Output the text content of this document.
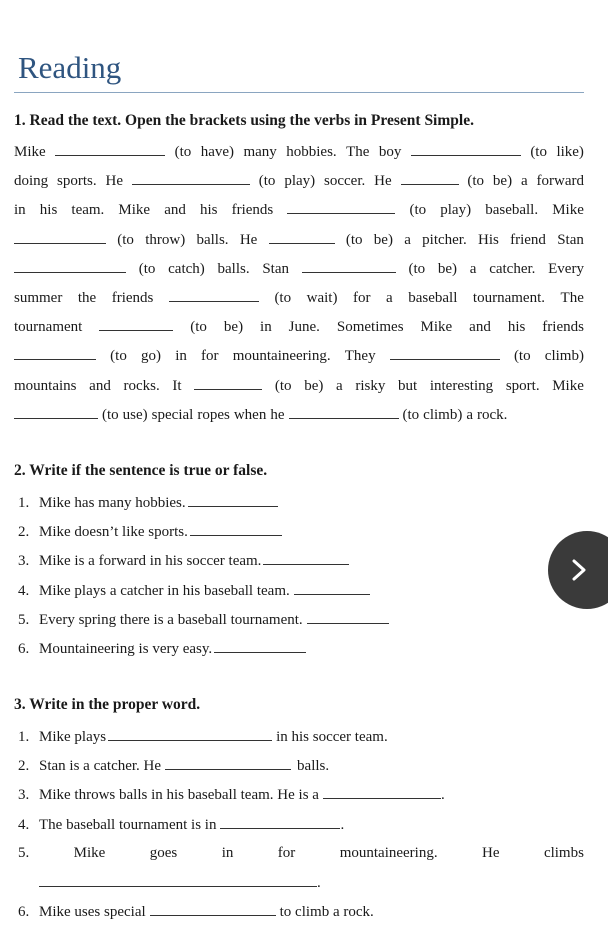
Reading
1. Read the text. Open the brackets using the verbs in Present Simple.
Mike	(to have) many hobbies. The boy	(to like)
doing sports. He	(to play) soccer. He	(to be) a forward
in his team. Mike and his friends	(to play) baseball. Mike
(to throw) balls. He	(to be) a pitcher. His friend Stan
(to catch) balls. Stan	(to be) a catcher. Every
summer the friends	(to wait) for a baseball tournament. The
tournament	(to be) in June. Sometimes Mike and his friends
(to go) in for mountaineering. They	(to climb)
mountains and rocks. It	(to be) a risky but interesting sport. Mike
(to use) special ropes when he	(to climb) a rock.
2. Write if the sentence is true or false.
1. Mike has many hobbies.
2. Mike doesn’t like sports.
3. Mike is a forward in his soccer team.
4. Mike plays a catcher in his baseball team.
5. Every spring there is a baseball tournament.
6. Mountaineering is very easy.
3. Write in the proper word.
1. Mike plays	in his soccer team.
2. Stan is a catcher. He	balls.
3. Mike throws balls in his baseball team. He is a	.
4. The baseball tournament is in	.
5.	Mike	goes	in	for	mountaineering.	He	climbs
.
6. Mike uses special	to climb a rock.
